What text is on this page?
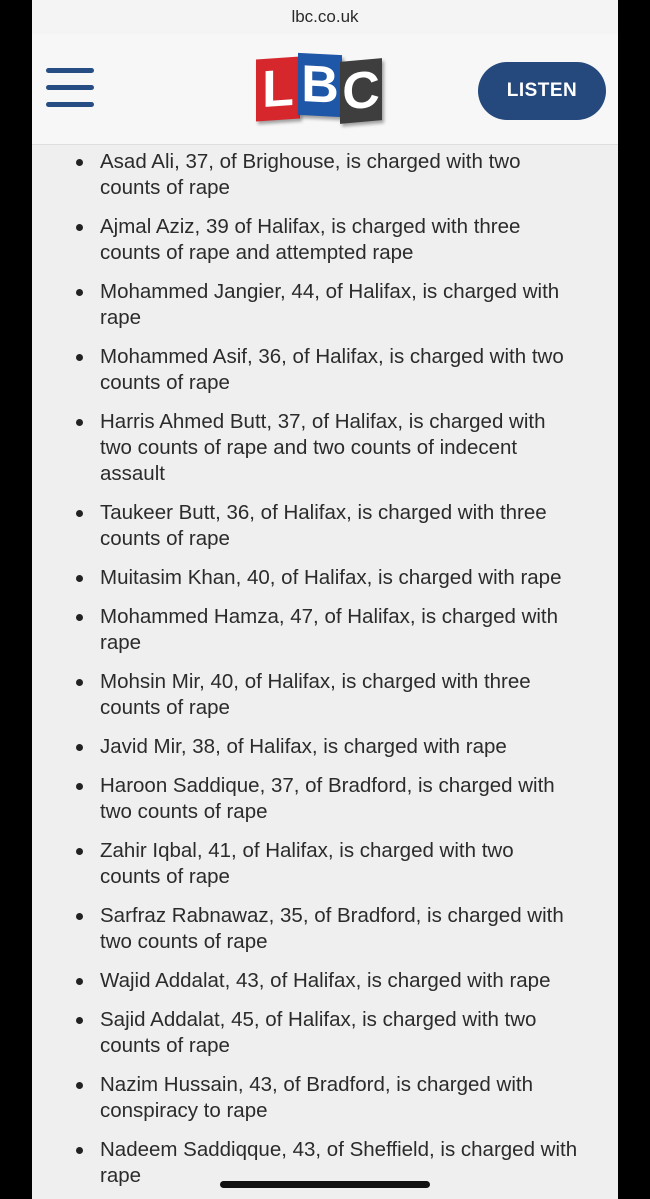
lbc.co.uk
L B C	LISTEN
Asad Ali, 37, of Brighouse, is charged with two
counts of rape
Ajmal Aziz, 39 of Halifax, is charged with three
counts of rape and attempted rape
Mohammed Jangier, 44, of Halifax, is charged with
rape
Mohammed Asif, 36, of Halifax, is charged with two
counts of rape
Harris Ahmed Butt, 37, of Halifax, is charged with
two counts of rape and two counts of indecent
assault
Taukeer Butt, 36, of Halifax, is charged with three
counts of rape
Muitasim Khan, 40, of Halifax, is charged with rape
Mohammed Hamza, 47, of Halifax, is charged with
rape
Mohsin Mir, 40, of Halifax, is charged with three
counts of rape
Javid Mir, 38, of Halifax, is charged with rape
Haroon Saddique, 37, of Bradford, is charged with
two counts of rape
Zahir Iqbal, 41, of Halifax, is charged with two
counts of rape
Sarfraz Rabnawaz, 35, of Bradford, is charged with
two counts of rape
Wajid Addalat, 43, of Halifax, is charged with rape
Sajid Addalat, 45, of Halifax, is charged with two
counts of rape
Nazim Hussain, 43, of Bradford, is charged with
conspiracy to rape
Nadeem Saddiqque, 43, of Sheffield, is charged with
rape
